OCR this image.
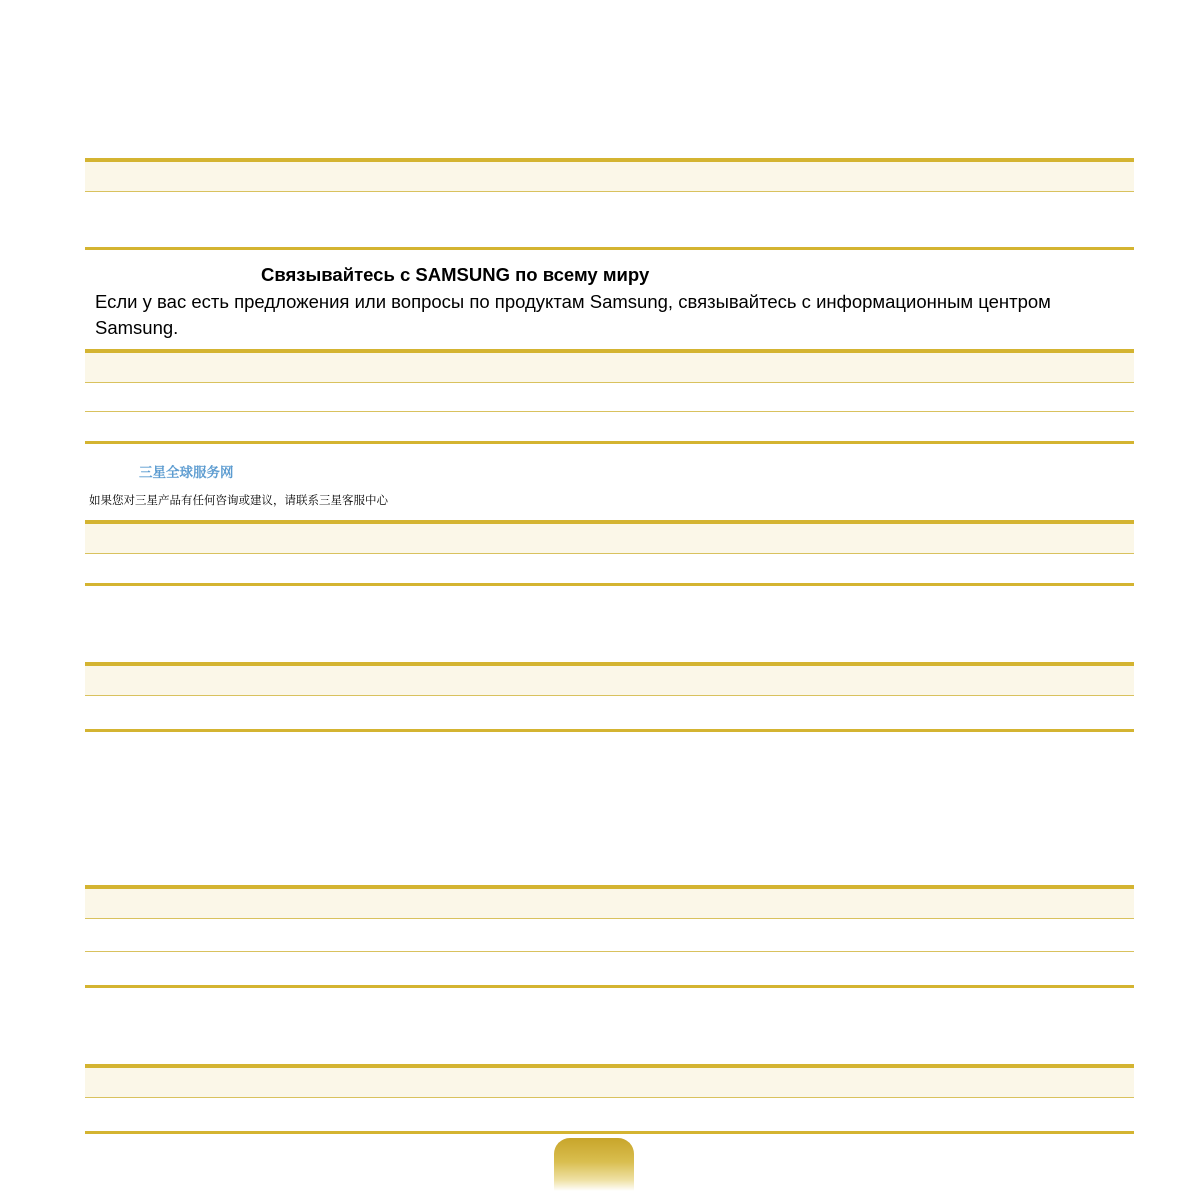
Связывайтесь с SAMSUNG по всему миру
Если у вас есть предложения или вопросы по продуктам Samsung, связывайтесь с информационным центром Samsung.
三星全球服务网
如果您对三星产品有任何咨询或建议，请联系三星客服中心
